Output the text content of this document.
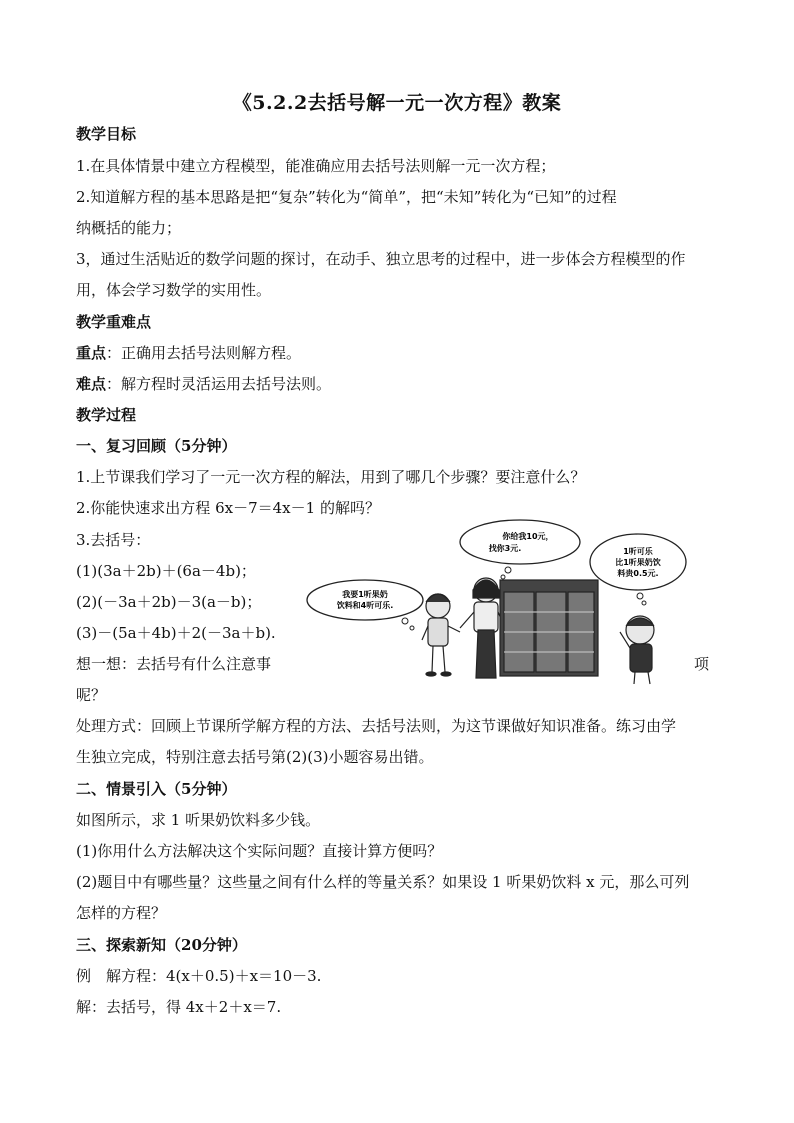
《5.2.2去括号解一元一次方程》教案
教学目标
1.在具体情景中建立方程模型，能准确应用去括号法则解一元一次方程；
2.知道解方程的基本思路是把“复杂”转化为“简单”，把“未知”转化为“已知”的过程
纳概括的能力；
3，通过生活贴近的数学问题的探讨，在动手、独立思考的过程中，进一步体会方程模型的作
用，体会学习数学的实用性。
教学重难点
重点：正确用去括号法则解方程。
难点：解方程时灵活运用去括号法则。
教学过程
一、复习回顾（5分钟）
1.上节课我们学习了一元一次方程的解法，用到了哪几个步骤？要注意什么？
2.你能快速求出方程 6x－7＝4x－1 的解吗？
3.去括号：
(1)(3a＋2b)＋(6a－4b)；
(2)(－3a＋2b)－3(a－b)；
(3)－(5a＋4b)＋2(－3a＋b).
想一想：去括号有什么注意事	项
呢？
处理方式：回顾上节课所学解方程的方法、去括号法则，为这节课做好知识准备。练习由学
生独立完成，特别注意去括号第(2)(3)小题容易出错。
二、情景引入（5分钟）
如图所示，求 1 听果奶饮料多少钱。
(1)你用什么方法解决这个实际问题？直接计算方便吗？
(2)题目中有哪些量？这些量之间有什么样的等量关系？如果设 1 听果奶饮料 x 元，那么可列
怎样的方程？
三、探索新知（20分钟）
例　解方程：4(x＋0.5)＋x＝10－3.
解：去括号，得 4x＋2＋x＝7.
我要1听果奶
饮料和4听可乐.
你给我10元，
找你3元.	1听可乐
比1听果奶饮
料贵0.5元.
